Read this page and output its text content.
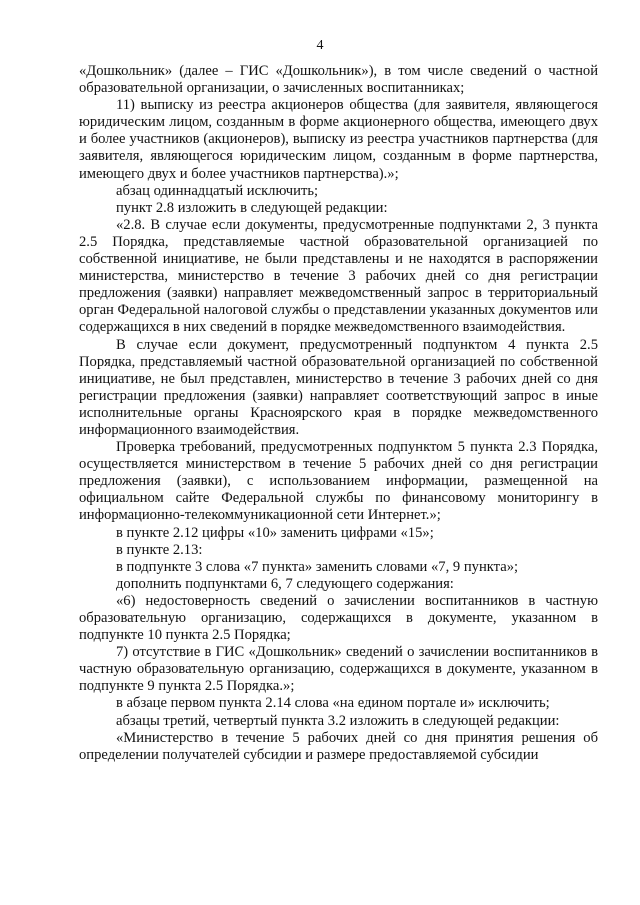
4

«Дошкольник» (далее – ГИС «Дошкольник»), в том числе сведений о частной образовательной организации, о зачисленных воспитанниках;

11) выписку из реестра акционеров общества (для заявителя, являющегося юридическим лицом, созданным в форме акционерного общества, имеющего двух и более участников (акционеров), выписку из реестра участников партнерства (для заявителя, являющегося юридическим лицом, созданным в форме партнерства, имеющего двух и более участников партнерства).»;

абзац одиннадцатый исключить;

пункт 2.8 изложить в следующей редакции:

«2.8. В случае если документы, предусмотренные подпунктами 2, 3 пункта 2.5 Порядка, представляемые частной образовательной организацией по собственной инициативе, не были представлены и не находятся в распоряжении министерства, министерство в течение 3 рабочих дней со дня регистрации предложения (заявки) направляет межведомственный запрос в территориальный орган Федеральной налоговой службы о представлении указанных документов или содержащихся в них сведений в порядке межведомственного взаимодействия.

В случае если документ, предусмотренный подпунктом 4 пункта 2.5 Порядка, представляемый частной образовательной организацией по собственной инициативе, не был представлен, министерство в течение 3 рабочих дней со дня регистрации предложения (заявки) направляет соответствующий запрос в иные исполнительные органы Красноярского края в порядке межведомственного информационного взаимодействия.

Проверка требований, предусмотренных подпунктом 5 пункта 2.3 Порядка, осуществляется министерством в течение 5 рабочих дней со дня регистрации предложения (заявки), с использованием информации, размещенной на официальном сайте Федеральной службы по финансовому мониторингу в информационно-телекоммуникационной сети Интернет.»;

в пункте 2.12 цифры «10» заменить цифрами «15»;

в пункте 2.13:

в подпункте 3 слова «7 пункта» заменить словами «7, 9 пункта»;

дополнить подпунктами 6, 7 следующего содержания:

«6) недостоверность сведений о зачислении воспитанников в частную образовательную организацию, содержащихся в документе, указанном в подпункте 10 пункта 2.5 Порядка;

7) отсутствие в ГИС «Дошкольник» сведений о зачислении воспитанников в частную образовательную организацию, содержащихся в документе, указанном в подпункте 9 пункта 2.5 Порядка.»;

в абзаце первом пункта 2.14 слова «на едином портале и» исключить;

абзацы третий, четвертый пункта 3.2 изложить в следующей редакции:

«Министерство в течение 5 рабочих дней со дня принятия решения об определении получателей субсидии и размере предоставляемой субсидии
